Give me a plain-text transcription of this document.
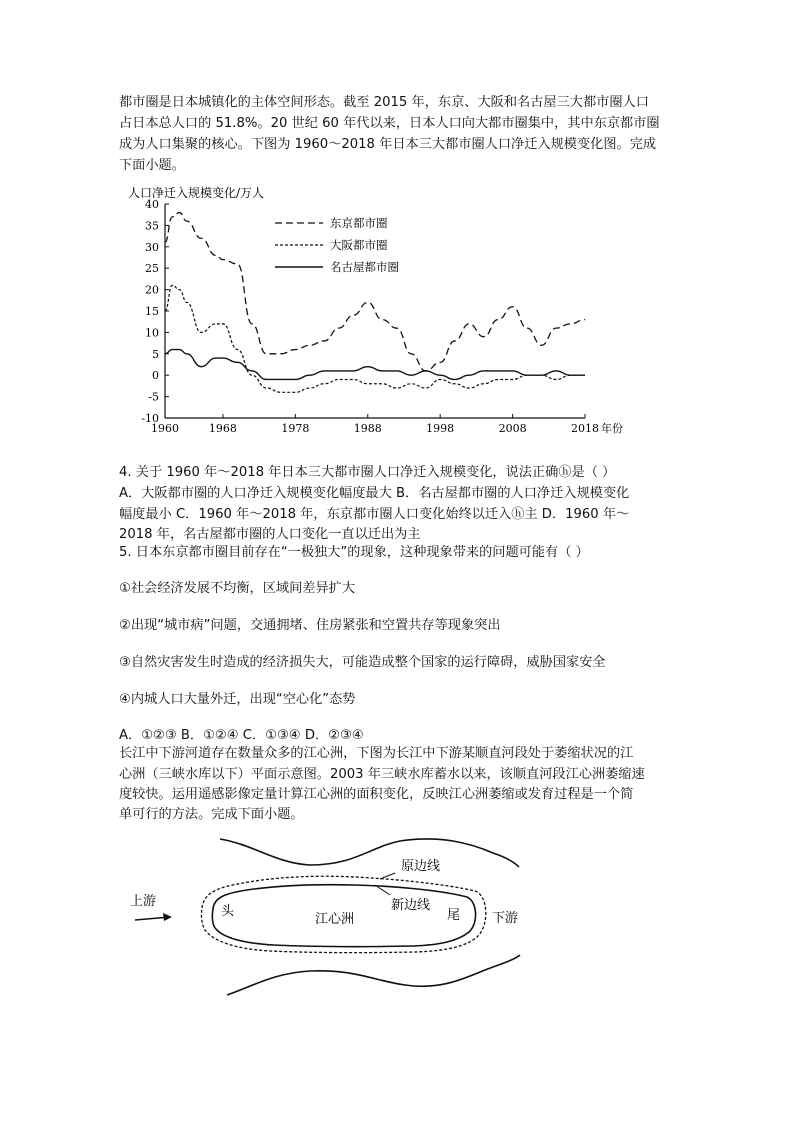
都市圈是日本城镇化的主体空间形态。截至 2015 年，东京、大阪和名古屋三大都市圈人口
占日本总人口的 51.8%。20 世纪 60 年代以来，日本人口向大都市圈集中，其中东京都市圈
成为人口集聚的核心。下图为 1960～2018 年日本三大都市圈人口净迁入规模变化图。完成
下面小题。
人口净迁入规模变化/万人
40
35
30
25
20
15
10
5
0
-5
-10
1960	1968	1978	1988	1998	2008	2018 年份
东京都市圈
大阪都市圈
名古屋都市圈
4. 关于 1960 年～2018 年日本三大都市圈人口净迁入规模变化，说法正确ⓗ是（ ）
A．大阪都市圈的人口净迁入规模变化幅度最大 B．名古屋都市圈的人口净迁入规模变化
幅度最小 C．1960 年～2018 年，东京都市圈人口变化始终以迁入ⓗ主 D．1960 年～
2018 年，名古屋都市圈的人口变化一直以迁出为主
5. 日本东京都市圈目前存在“一极独大”的现象，这种现象带来的问题可能有（ ）
①社会经济发展不均衡，区域间差异扩大
②出现“城市病”问题，交通拥堵、住房紧张和空置共存等现象突出
③自然灾害发生时造成的经济损失大，可能造成整个国家的运行障碍，威胁国家安全
④内城人口大量外迁，出现“空心化”态势
A．①②③ B．①②④ C．①③④ D．②③④
长江中下游河道存在数量众多的江心洲，下图为长江中下游某顺直河段处于萎缩状况的江
心洲（三峡水库以下）平面示意图。2003 年三峡水库蓄水以来，该顺直河段江心洲萎缩速
度较快。运用遥感影像定量计算江心洲的面积变化，反映江心洲萎缩或发育过程是一个简
单可行的方法。完成下面小题。
上游
下游
头	尾
江心洲
原边线
新边线
